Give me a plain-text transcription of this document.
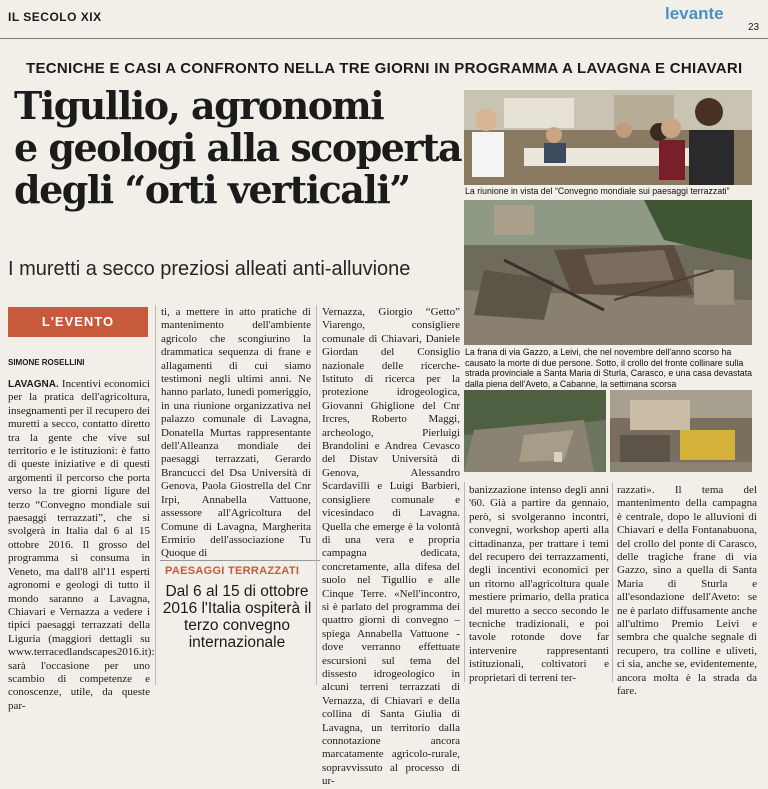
IL SECOLO XIX	levante
23
TECNICHE E CASI A CONFRONTO NELLA TRE GIORNI IN PROGRAMMA A LAVAGNA E CHIAVARI
Tigullio, agronomi
e geologi alla scoperta
degli “orti verticali”
I muretti a secco preziosi alleati anti-alluvione
La riunione in vista del “Convegno mondiale sui paesaggi terrazzati”
La frana di via Gazzo, a Leivi, che nel novembre dell'anno scorso ha causato la morte di due persone. Sotto, il crollo del fronte collinare sulla strada provinciale a Santa Maria di Sturla, Carasco, e una casa devastata dalla piena dell'Aveto, a Cabanne, la settimana scorsa
L'EVENTO
SIMONE ROSELLINI

LAVAGNA. Incentivi economici per la pratica dell'agricoltura, insegnamenti per il recupero dei muretti a secco, contatto diretto tra la gente che vive sul territorio e le istituzioni: è fatto di queste iniziative e di questi argomenti il percorso che porta verso la tre giorni ligure del terzo “Convegno mondiale sui paesaggi terrazzati”, che si svolgerà in Italia dal 6 al 15 ottobre 2016. Il grosso del programma si consuma in Veneto, ma dall'8 all'11 esperti agronomi e geologi di tutto il mondo saranno a Lavagna, Chiavari e Vernazza a vedere i tipici paesaggi terrazzati della Liguria (maggiori dettagli su www.terracedlandscapes2016.it): sarà l'occasione per uno scambio di competenze e conoscenze, utile, da queste par-

ti, a mettere in atto pratiche di mantenimento dell'ambiente agricolo che scongiurino la drammatica sequenza di frane e allagamenti di cui siamo testimoni negli ultimi anni. Ne hanno parlato, lunedì pomeriggio, in una riunione organizzativa nel palazzo comunale di Lavagna, Donatella Murtas rappresentante dell'Alleanza mondiale dei paesaggi terrazzati, Gerardo Brancucci del Dsa Università di Genova, Paola Giostrella del Cnr Irpi, Annabella Vattuone, assessore all'Agricoltura del Comune di Lavagna, Margherita Ermirio dell'associazione Tu Quoque di

PAESAGGI TERRAZZATI
Dal 6 al 15 di ottobre 2016 l'Italia ospiterà il terzo convegno internazionale

Vernazza, Giorgio “Getto” Viarengo, consigliere comunale di Chiavari, Daniele Giordan del Consiglio nazionale delle ricerche-Istituto di ricerca per la protezione idrogeologica, Giovanni Ghiglione del Cnr Ircres, Roberto Maggi, archeologo, Pierluigi Brandolini e Andrea Cevasco del Distav Università di Genova, Alessandro Scardavilli e Luigi Barbieri, consigliere comunale e vicesindaco di Lavagna. Quella che emerge è la volontà di una vera e propria campagna dedicata, concretamente, alla difesa del suolo nel Tigullio e alle Cinque Terre. «Nell'incontro, si è parlato del programma dei quattro giorni di convegno – spiega Annabella Vattuone - dove verranno effettuate escursioni sul tema del dissesto idrogeologico in alcuni terreni terrazzati di Vernazza, di Chiavari e della collina di Santa Giulia di Lavagna, un territorio dalla connotazione ancora marcatamente agricolo-rurale, sopravvissuto al processo di ur-

banizzazione intenso degli anni '60. Già a partire da gennaio, però, si svolgeranno incontri, convegni, workshop aperti alla cittadinanza, per trattare i temi del recupero dei terrazzamenti, degli incentivi economici per un ritorno all'agricoltura quale mestiere primario, della pratica del muretto a secco secondo le tecniche tradizionali, e poi tavole rotonde dove far intervenire rappresentanti istituzionali, coltivatori e proprietari di terreni ter-

razzati». Il tema del mantenimento della campagna è centrale, dopo le alluvioni di Chiavari e della Fontanabuona, del crollo del ponte di Carasco, delle tragiche frane di via Gazzo, sino a quella di Santa Maria di Sturla e all'esondazione dell'Aveto: se ne è parlato diffusamente anche all'ultimo Premio Leivi e sembra che qualche segnale di recupero, tra colline e uliveti, ci sia, anche se, evidentemente, ancora molta è la strada da fare.
